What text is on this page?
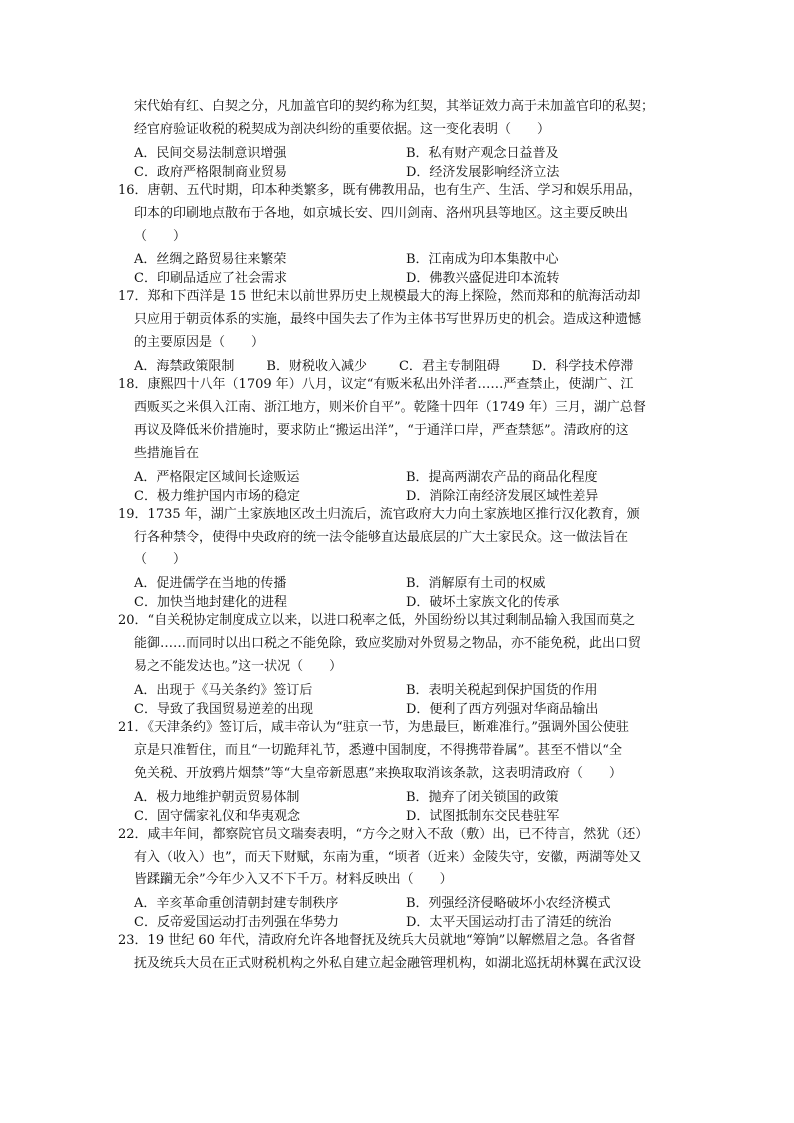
宋代始有红、白契之分，凡加盖官印的契约称为红契，其举证效力高于未加盖官印的私契；
经官府验证收税的税契成为剖决纠纷的重要依据。这一变化表明（　　）
A．民间交易法制意识增强	B．私有财产观念日益普及
C．政府严格限制商业贸易	D．经济发展影响经济立法
16．唐朝、五代时期，印本种类繁多，既有佛教用品，也有生产、生活、学习和娱乐用品，
印本的印刷地点散布于各地，如京城长安、四川剑南、洛州巩县等地区。这主要反映出
（　　）
A．丝绸之路贸易往来繁荣	B．江南成为印本集散中心
C．印刷品适应了社会需求	D．佛教兴盛促进印本流转
17．郑和下西洋是 15 世纪末以前世界历史上规模最大的海上探险，然而郑和的航海活动却
只应用于朝贡体系的实施，最终中国失去了作为主体书写世界历史的机会。造成这种遗憾
的主要原因是（　　）
A．海禁政策限制 B．财税收入减少 C．君主专制阻碍 D．科学技术停滞
18．康熙四十八年（1709 年）八月，议定“有贩米私出外洋者……严查禁止，使湖广、江
西贩买之米俱入江南、浙江地方，则米价自平”。乾隆十四年（1749 年）三月，湖广总督
再议及降低米价措施时，要求防止“搬运出洋”，“于通洋口岸，严查禁惩”。清政府的这
些措施旨在
A．严格限定区域间长途贩运	B．提高两湖农产品的商品化程度
C．极力维护国内市场的稳定	D．消除江南经济发展区域性差异
19．1735 年，湖广土家族地区改土归流后，流官政府大力向土家族地区推行汉化教育，颁
行各种禁令，使得中央政府的统一法令能够直达最底层的广大土家民众。这一做法旨在
（　　）
A．促进儒学在当地的传播	B．消解原有土司的权威
C．加快当地封建化的进程	D．破坏土家族文化的传承
20．“自关税协定制度成立以来，以进口税率之低，外国纷纷以其过剩制品输入我国而莫之
能御……而同时以出口税之不能免除，致应奖励对外贸易之物品，亦不能免税，此出口贸
易之不能发达也。”这一状况（　　）
A．出现于《马关条约》签订后	B．表明关税起到保护国货的作用
C．导致了我国贸易逆差的出现	D．便利了西方列强对华商品输出
21．《天津条约》签订后，咸丰帝认为“驻京一节，为患最巨，断难准行。”强调外国公使驻
京是只准暂住，而且“一切跪拜礼节，悉遵中国制度，不得携带眷属”。甚至不惜以“全
免关税、开放鸦片烟禁”等“大皇帝新恩惠”来换取取消该条款，这表明清政府（　　）
A．极力地维护朝贡贸易体制	B．抛弃了闭关锁国的政策
C．固守儒家礼仪和华夷观念	D．试图抵制东交民巷驻军
22．咸丰年间，都察院官员文瑞奏表明，“方今之财入不敌（敷）出，已不待言，然犹（还）
有入（收入）也”，而天下财赋，东南为重，“顷者（近来）金陵失守，安徽，两湖等处又
皆蹂躏无余”今年少入又不下千万。材料反映出（　　）
A．辛亥革命重创清朝封建专制秩序	B．列强经济侵略破坏小农经济模式
C．反帝爱国运动打击列强在华势力	D．太平天国运动打击了清廷的统治
23．19 世纪 60 年代，清政府允许各地督抚及统兵大员就地“筹饷”以解燃眉之急。各省督
抚及统兵大员在正式财税机构之外私自建立起金融管理机构，如湖北巡抚胡林翼在武汉设
